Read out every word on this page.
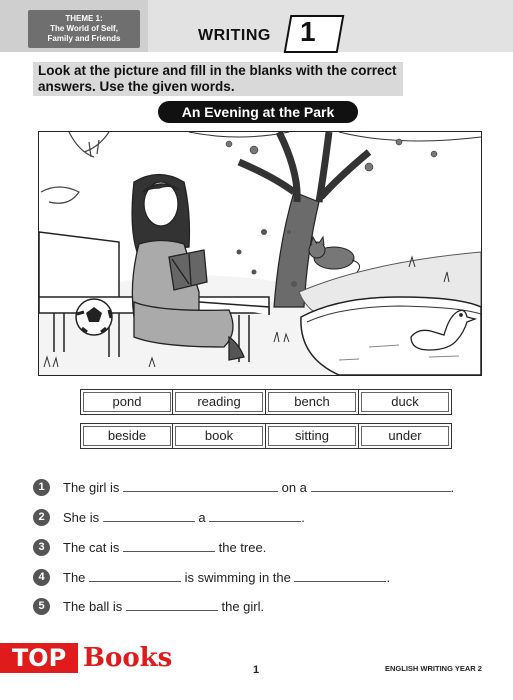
THEME 1:
The World of Self,
Family and Friends	WRITING 1
Look at the picture and fill in the blanks with the correct answers. Use the given words.
An Evening at the Park
pond	reading	bench	duck
beside	book	sitting	under
1	The girl is	on a	.
2	She is	a	.
3	The cat is	the tree.
4	The	is swimming in the	.
5	The ball is	the girl.
TOP Books	1	ENGLISH WRITING YEAR 2
